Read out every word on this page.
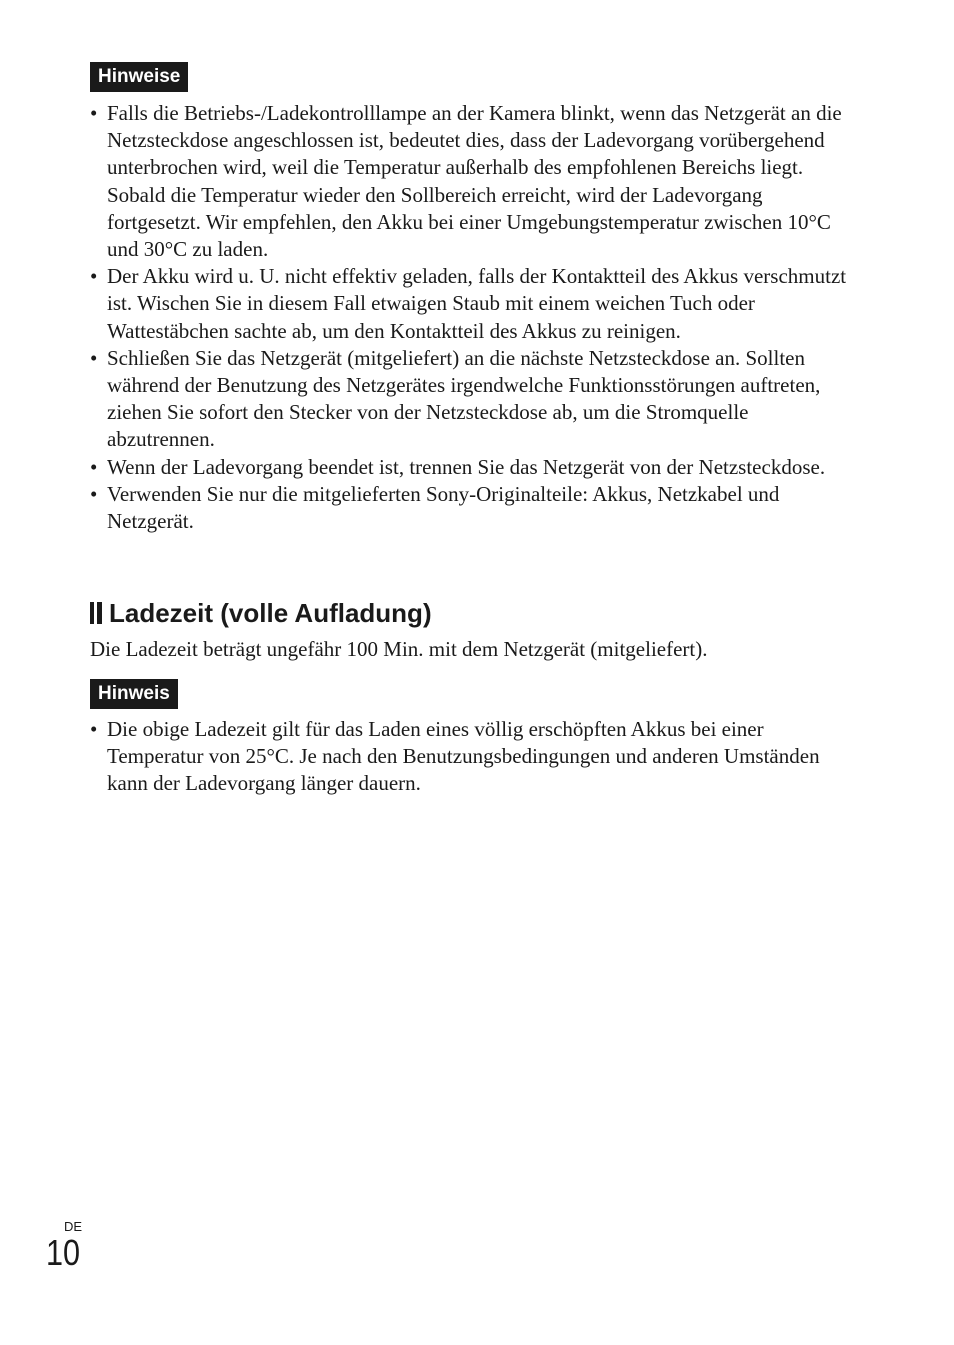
Hinweise
• Falls die Betriebs-/Ladekontrolllampe an der Kamera blinkt, wenn das Netzgerät an die Netzsteckdose angeschlossen ist, bedeutet dies, dass der Ladevorgang vorübergehend unterbrochen wird, weil die Temperatur außerhalb des empfohlenen Bereichs liegt. Sobald die Temperatur wieder den Sollbereich erreicht, wird der Ladevorgang fortgesetzt. Wir empfehlen, den Akku bei einer Umgebungstemperatur zwischen 10°C und 30°C zu laden.
• Der Akku wird u. U. nicht effektiv geladen, falls der Kontaktteil des Akkus verschmutzt ist. Wischen Sie in diesem Fall etwaigen Staub mit einem weichen Tuch oder Wattestäbchen sachte ab, um den Kontaktteil des Akkus zu reinigen.
• Schließen Sie das Netzgerät (mitgeliefert) an die nächste Netzsteckdose an. Sollten während der Benutzung des Netzgerätes irgendwelche Funktionsstörungen auftreten, ziehen Sie sofort den Stecker von der Netzsteckdose ab, um die Stromquelle abzutrennen.
• Wenn der Ladevorgang beendet ist, trennen Sie das Netzgerät von der Netzsteckdose.
• Verwenden Sie nur die mitgelieferten Sony-Originalteile: Akkus, Netzkabel und Netzgerät.
Ladezeit (volle Aufladung)
Die Ladezeit beträgt ungefähr 100 Min. mit dem Netzgerät (mitgeliefert).
Hinweis
• Die obige Ladezeit gilt für das Laden eines völlig erschöpften Akkus bei einer Temperatur von 25°C. Je nach den Benutzungsbedingungen und anderen Umständen kann der Ladevorgang länger dauern.
DE
10
